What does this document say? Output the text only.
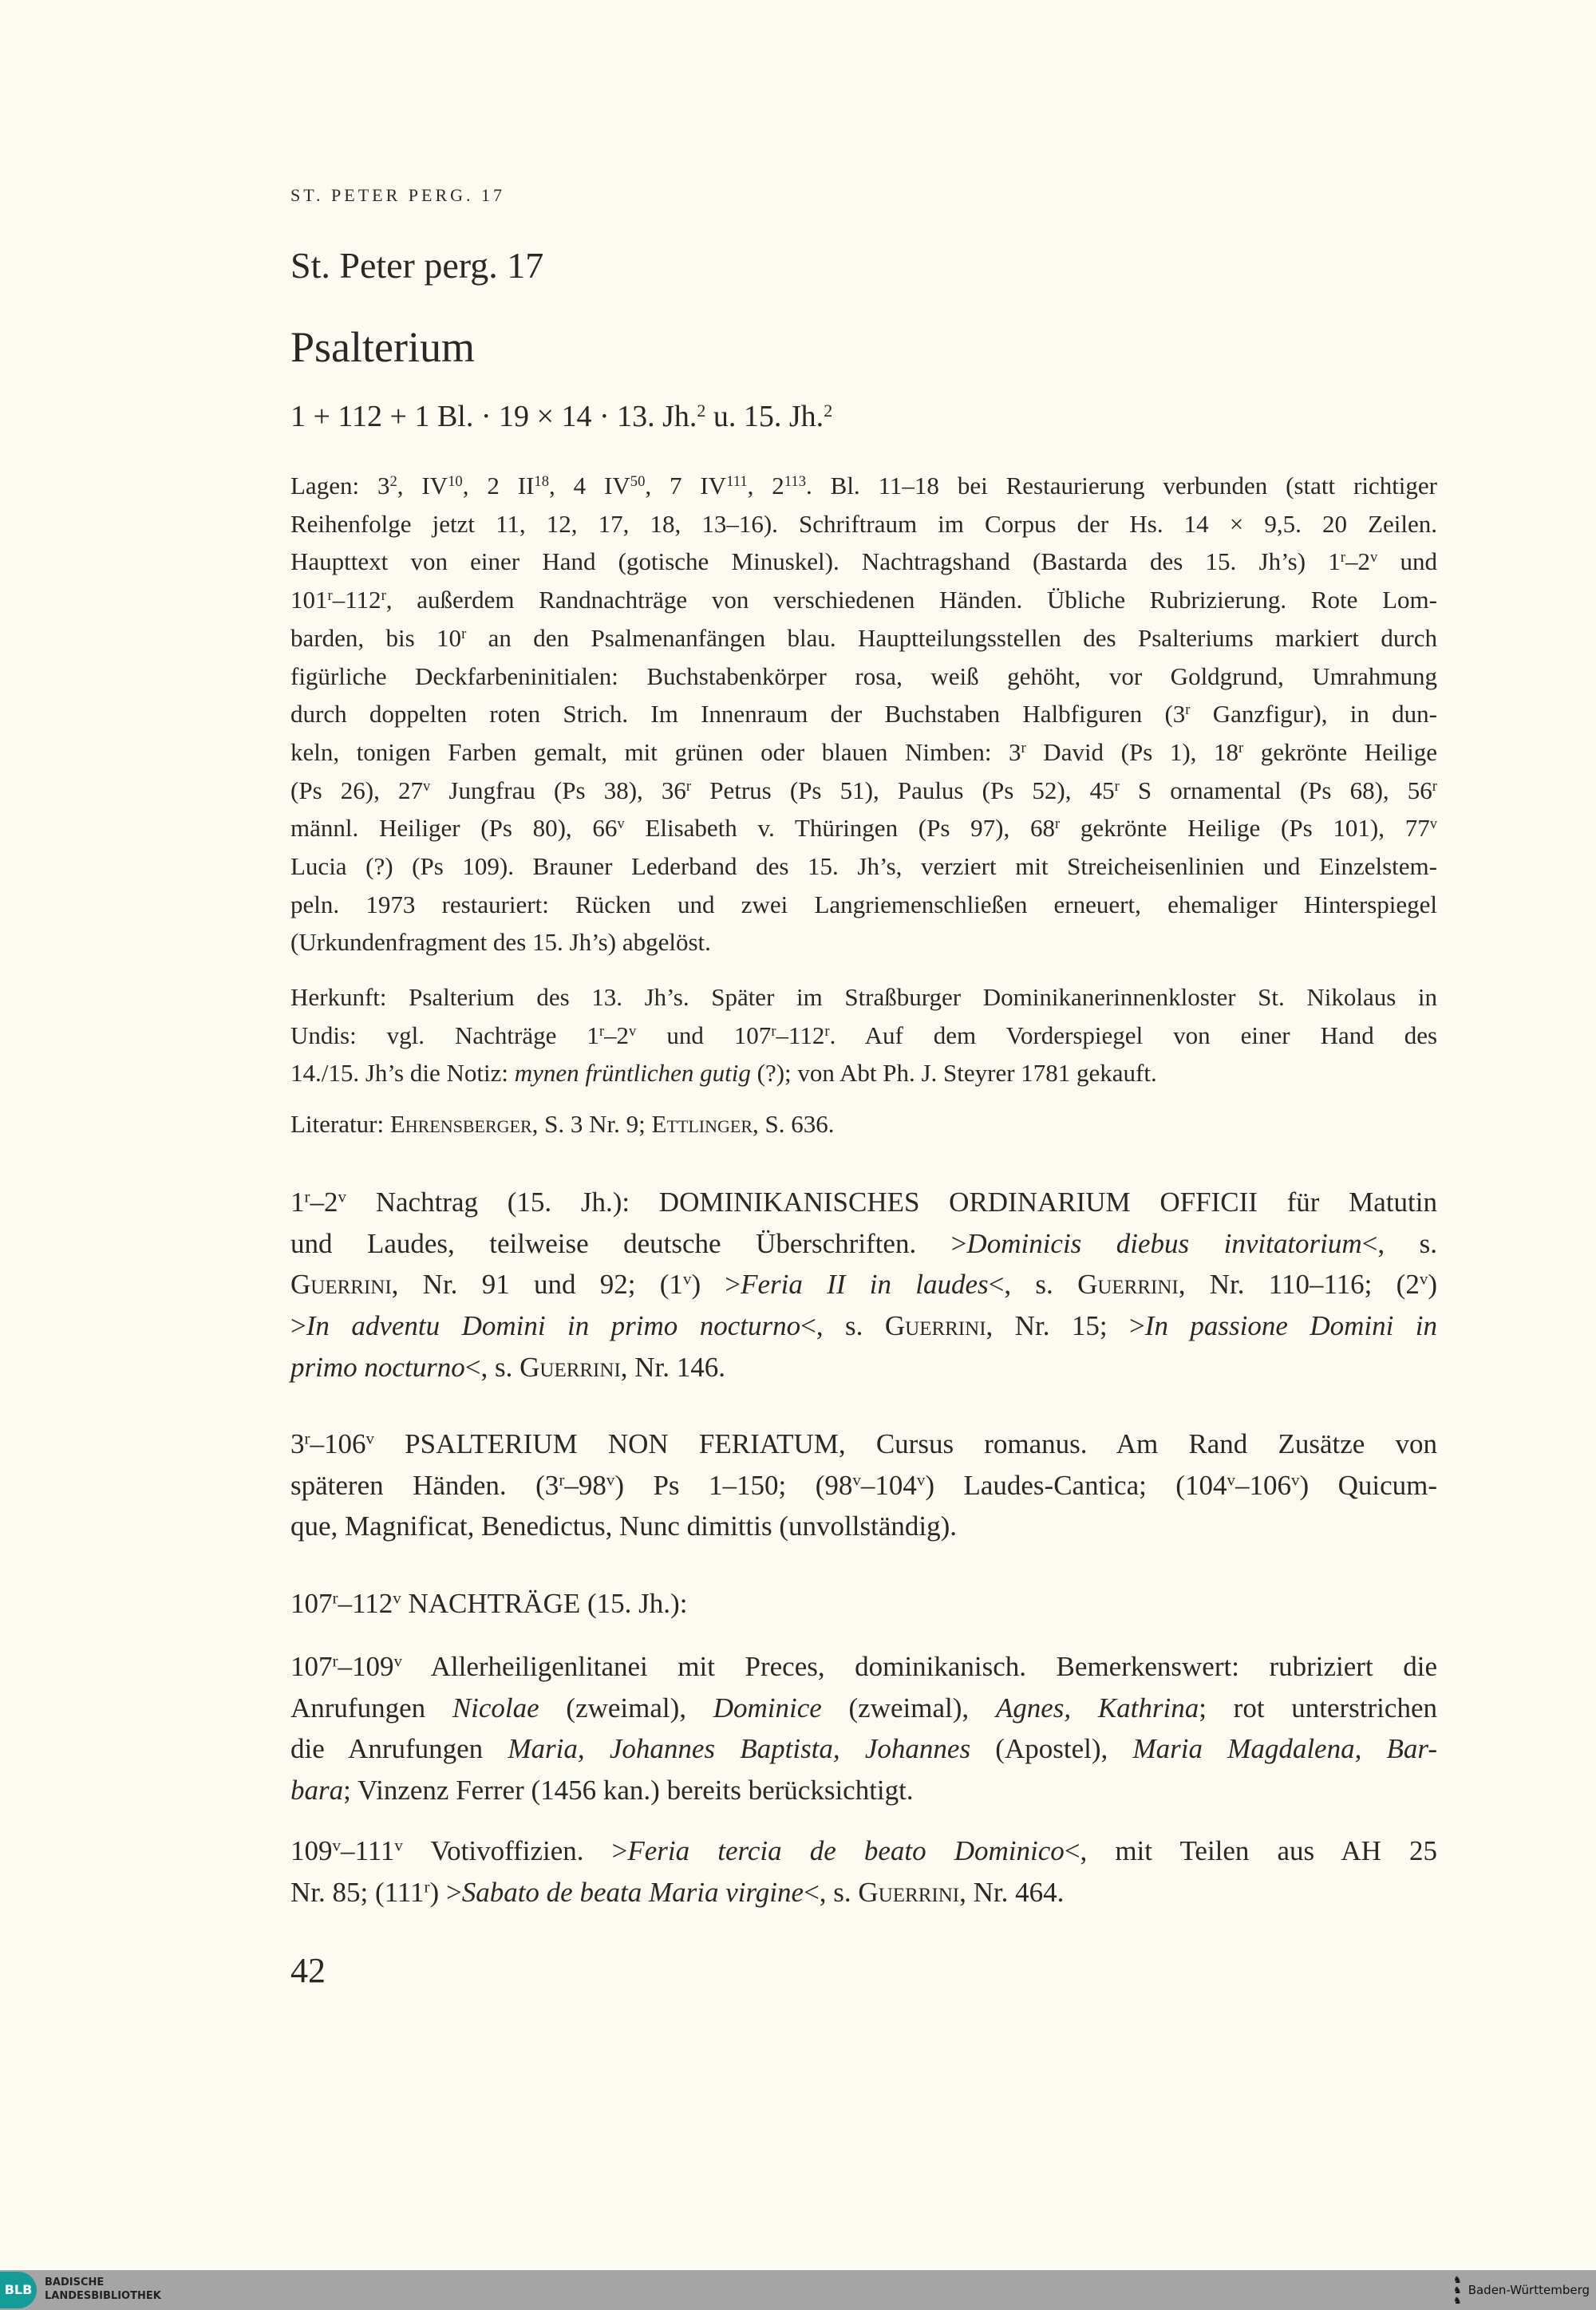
ST. PETER PERG. 17
St. Peter perg. 17
Psalterium
1 + 112 + 1 Bl. · 19 × 14 · 13. Jh.$^2$ u. 15. Jh.$^2$
Lagen: $3^2$, IV$^{10}$, 2 II$^{18}$, 4 IV$^{50}$, 7 IV$^{111}$, $2^{113}$. Bl. 11–18 bei Restaurierung verbunden (statt richtiger
Reihenfolge jetzt 11, 12, 17, 18, 13–16). Schriftraum im Corpus der Hs. 14 × 9,5. 20 Zeilen.
Haupttext von einer Hand (gotische Minuskel). Nachtragshand (Bastarda des 15. Jh’s) 1$^r$–2$^v$ und
101$^r$–112$^r$, außerdem Randnachträge von verschiedenen Händen. Übliche Rubrizierung. Rote Lom-
barden, bis 10$^r$ an den Psalmenanfängen blau. Hauptteilungsstellen des Psalteriums markiert durch
figürliche Deckfarbeninitialen: Buchstabenkörper rosa, weiß gehöht, vor Goldgrund, Umrahmung
durch doppelten roten Strich. Im Innenraum der Buchstaben Halbfiguren (3$^r$ Ganzfigur), in dun-
keln, tonigen Farben gemalt, mit grünen oder blauen Nimben: 3$^r$ David (Ps 1), 18$^r$ gekrönte Heilige
(Ps 26), 27$^v$ Jungfrau (Ps 38), 36$^r$ Petrus (Ps 51), Paulus (Ps 52), 45$^r$ S ornamental (Ps 68), 56$^r$
männl. Heiliger (Ps 80), 66$^v$ Elisabeth v. Thüringen (Ps 97), 68$^r$ gekrönte Heilige (Ps 101), 77$^v$
Lucia (?) (Ps 109). Brauner Lederband des 15. Jh’s, verziert mit Streicheisenlinien und Einzelstem-
peln. 1973 restauriert: Rücken und zwei Langriemenschließen erneuert, ehemaliger Hinterspiegel
(Urkundenfragment des 15. Jh’s) abgelöst.
Herkunft: Psalterium des 13. Jh’s. Später im Straßburger Dominikanerinnenkloster St. Nikolaus in
Undis: vgl. Nachträge 1$^r$–2$^v$ und 107$^r$–112$^r$. Auf dem Vorderspiegel von einer Hand des
14./15. Jh’s die Notiz: mynen früntlichen gutig (?); von Abt Ph. J. Steyrer 1781 gekauft.
Literatur: Ehrensberger, S. 3 Nr. 9; Ettlinger, S. 636.
1$^r$–2$^v$ Nachtrag (15. Jh.): DOMINIKANISCHES ORDINARIUM OFFICII für Matutin
und Laudes, teilweise deutsche Überschriften. >Dominicis diebus invitatorium<, s.
Guerrini, Nr. 91 und 92; $(1^v)$ >Feria II in laudes<, s. Guerrini, Nr. 110–116; $(2^v)$
>In adventu Domini in primo nocturno<, s. Guerrini, Nr. 15; >In passione Domini in
primo nocturno<, s. Guerrini, Nr. 146.
3$^r$–106$^v$ PSALTERIUM NON FERIATUM, Cursus romanus. Am Rand Zusätze von
späteren Händen. (3$^r$–98$^v$) Ps 1–150; (98$^v$–104$^v$) Laudes-Cantica; (104$^v$–106$^v$) Quicum-
que, Magnificat, Benedictus, Nunc dimittis (unvollständig).
107$^r$–112$^v$ NACHTRÄGE (15. Jh.):
107$^r$–109$^v$ Allerheiligenlitanei mit Preces, dominikanisch. Bemerkenswert: rubriziert die
Anrufungen Nicolae (zweimal), Dominice (zweimal), Agnes, Kathrina; rot unterstrichen
die Anrufungen Maria, Johannes Baptista, Johannes (Apostel), Maria Magdalena, Bar-
bara; Vinzenz Ferrer (1456 kan.) bereits berücksichtigt.
109$^v$–111$^v$ Votivoffizien. >Feria tercia de beato Dominico<, mit Teilen aus AH 25
Nr. 85; $(111^r)$ >Sabato de beata Maria virgine<, s. Guerrini, Nr. 464.
42
BLB	BADISCHE
LANDESBIBLIOTHEK
♞
♞
♞
Baden-Württemberg
